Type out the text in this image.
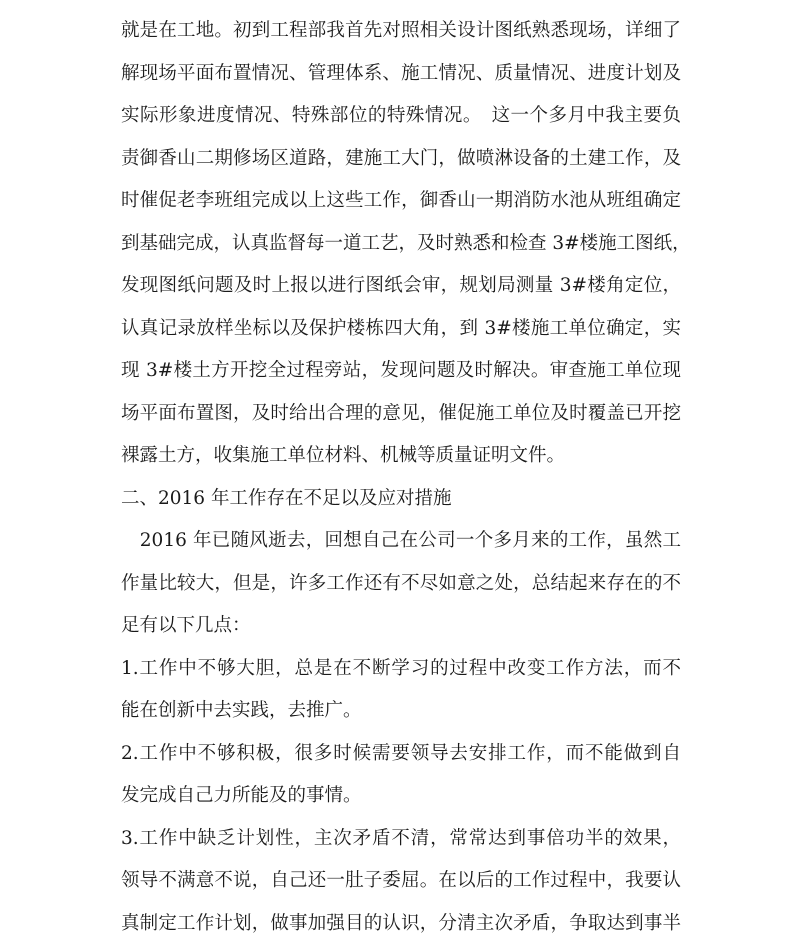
就是在工地。初到工程部我首先对照相关设计图纸熟悉现场，详细了
解现场平面布置情况、管理体系、施工情况、质量情况、进度计划及
实际形象进度情况、特殊部位的特殊情况。　这一个多月中我主要负
责御香山二期修场区道路，建施工大门，做喷淋设备的土建工作，及
时催促老李班组完成以上这些工作，御香山一期消防水池从班组确定
到基础完成，认真监督每一道工艺，及时熟悉和检查 3#楼施工图纸，
发现图纸问题及时上报以进行图纸会审，规划局测量 3#楼角定位，
认真记录放样坐标以及保护楼栋四大角，到 3#楼施工单位确定，实
现 3#楼土方开挖全过程旁站，发现问题及时解决。审查施工单位现
场平面布置图，及时给出合理的意见，催促施工单位及时覆盖已开挖
裸露土方，收集施工单位材料、机械等质量证明文件。
二、2016 年工作存在不足以及应对措施
　2016 年已随风逝去，回想自己在公司一个多月来的工作，虽然工
作量比较大，但是，许多工作还有不尽如意之处，总结起来存在的不
足有以下几点：
1.工作中不够大胆，总是在不断学习的过程中改变工作方法，而不
能在创新中去实践，去推广。
2.工作中不够积极，很多时候需要领导去安排工作，而不能做到自
发完成自己力所能及的事情。
3.工作中缺乏计划性，主次矛盾不清，常常达到事倍功半的效果，
领导不满意不说，自己还一肚子委屈。在以后的工作过程中，我要认
真制定工作计划，做事加强目的认识，分清主次矛盾，争取达到事半
